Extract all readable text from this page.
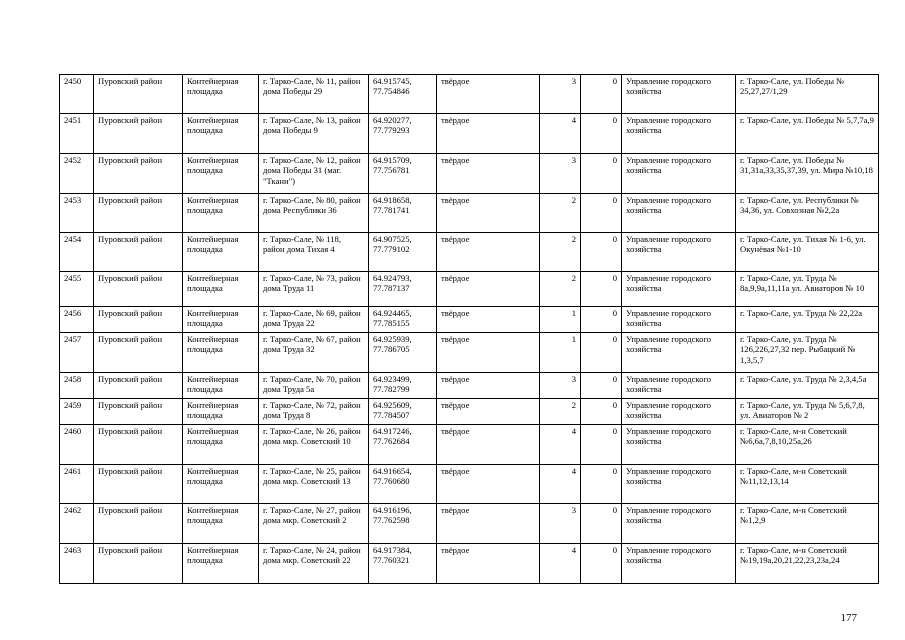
2450	Пуровский район	Контейнерная площадка	г. Тарко-Сале, № 11, район дома Победы 29	64.915745, 77.754846	твёрдое	3	0	Управление городского хозяйства	г. Тарко-Сале, ул. Победы № 25,27,27/1,29
2451	Пуровский район	Контейнерная площадка	г. Тарко-Сале, № 13, район дома Победы 9	64.920277, 77.779293	твёрдое	4	0	Управление городского хозяйства	г. Тарко-Сале, ул. Победы № 5,7,7а,9
2452	Пуровский район	Контейнерная площадка	г. Тарко-Сале, № 12, район дома Победы 31 (маг. "Ткани")	64.915709, 77.756781	твёрдое	3	0	Управление городского хозяйства	г. Тарко-Сале, ул. Победы № 31,31а,33,35,37,39, ул. Мира №10,18
2453	Пуровский район	Контейнерная площадка	г. Тарко-Сале, № 80, район дома Республики 36	64.918658, 77.781741	твёрдое	2	0	Управление городского хозяйства	г. Тарко-Сале, ул. Республики № 34,36, ул. Совхозная №2,2а
2454	Пуровский район	Контейнерная площадка	г. Тарко-Сале, № 118, район дома Тихая 4	64.907525, 77.779102	твёрдое	2	0	Управление городского хозяйства	г. Тарко-Сале, ул. Тихая № 1-6, ул. Окунёвая №1-10
2455	Пуровский район	Контейнерная площадка	г. Тарко-Сале, № 73, район дома Труда 11	64.924793, 77.787137	твёрдое	2	0	Управление городского хозяйства	г. Тарко-Сале, ул. Труда № 8а,9,9а,11,11а ул. Авиаторов № 10
2456	Пуровский район	Контейнерная площадка	г. Тарко-Сале, № 69, район дома Труда 22	64.924465, 77.785155	твёрдое	1	0	Управление городского хозяйства	г. Тарко-Сале, ул. Труда № 22,22а
2457	Пуровский район	Контейнерная площадка	г. Тарко-Сале, № 67, район дома Труда 32	64.925939, 77.786705	твёрдое	1	0	Управление городского хозяйства	г. Тарко-Сале, ул. Труда № 126,226,27,32 пер. Рыбацкий № 1,3,5,7
2458	Пуровский район	Контейнерная площадка	г. Тарко-Сале, № 70, район дома Труда 5а	64.923499, 77.782799	твёрдое	3	0	Управление городского хозяйства	г. Тарко-Сале, ул. Труда № 2,3,4,5а
2459	Пуровский район	Контейнерная площадка	г. Тарко-Сале, № 72, район дома Труда 8	64.925609, 77.784507	твёрдое	2	0	Управление городского хозяйства	г. Тарко-Сале, ул. Труда № 5,6,7,8, ул. Авиаторов № 2
2460	Пуровский район	Контейнерная площадка	г. Тарко-Сале, № 26, район дома мкр. Советский 10	64.917246, 77.762684	твёрдое	4	0	Управление городского хозяйства	г. Тарко-Сале, м-н Советский №6,6а,7,8,10,25а,26
2461	Пуровский район	Контейнерная площадка	г. Тарко-Сале, № 25, район дома мкр. Советский 13	64.916654, 77.760680	твёрдое	4	0	Управление городского хозяйства	г. Тарко-Сале, м-н Советский №11,12,13,14
2462	Пуровский район	Контейнерная площадка	г. Тарко-Сале, № 27, район дома мкр. Советский 2	64.916196, 77.762598	твёрдое	3	0	Управление городского хозяйства	г. Тарко-Сале, м-н Советский №1,2,9
2463	Пуровский район	Контейнерная площадка	г. Тарко-Сале, № 24, район дома мкр. Советский 22	64.917384, 77.760321	твёрдое	4	0	Управление городского хозяйства	г. Тарко-Сале, м-н Советский №19,19а,20,21,22,23,23а,24
177
